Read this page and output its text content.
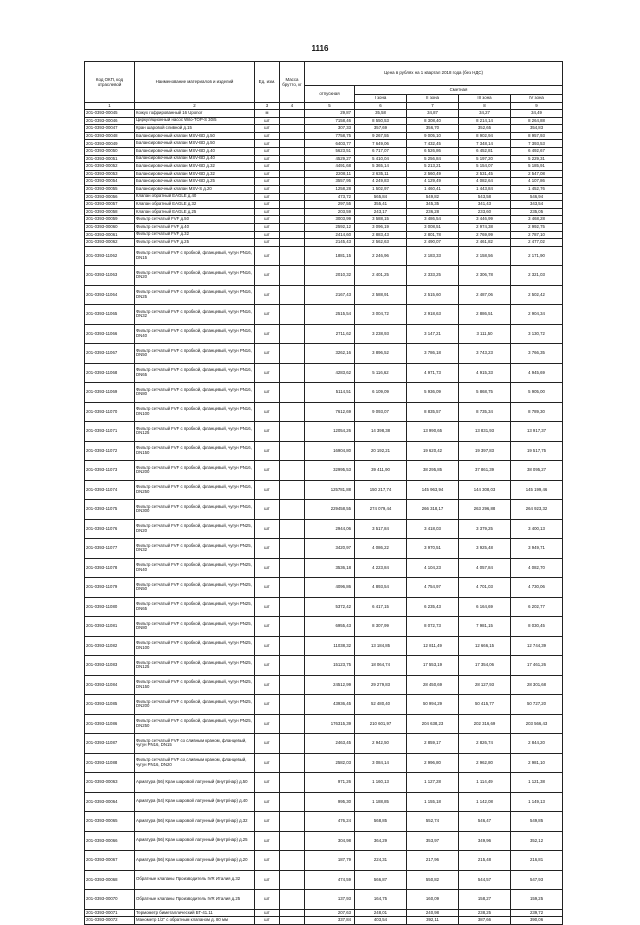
1116
Код ОКП, код отраслевой	Наименование материалов и изделий	Ед. изм.	Масса брутто, кг	Цена в рублях на 1 квартал 2018 года (без НДС)				
				отпускная	Сметная			
					I зона	II зона	III зона	IV зона
1	2	3	4	5	6	7	8	9
201-0393-00045	Кожух гофрированный 16 Uponor	м		29,87	35,58	34,87	34,27	34,49
201-0393-00046	Циркуляционный насос Wilo-TOP-S 30/5	шт		7158,46	8 550,53	8 308,40	8 214,14	8 264,88
201-0393-00047	Кран шаровой сливной д.15	шт		307,33	357,69	356,70	352,65	354,83
201-0393-00048	Балансировочный клапан MSV-BD д.50	шт		7758,75	9 267,55	9 005,10	8 902,94	8 957,93
201-0393-00049	Балансировочный клапан MSV-BD д.50	шт		6403,77	7 649,06	7 432,45	7 348,14	7 393,53
201-0393-00050	Балансировочный клапан MSV-BD д.40	шт		5623,51	6 717,07	6 526,86	6 452,81	6 492,67
201-0393-00051	Балансировочный клапан MSV-BD д.40	шт		4529,27	5 410,04	5 256,84	5 197,20	5 229,31
201-0393-00052	Балансировочный клапан MSV-BD д.32	шт		4491,68	5 365,14	5 213,21	5 154,07	5 185,91
201-0393-00053	Балансировочный клапан MSV-BD д.32	шт		2208,11	2 635,11	2 560,49	2 531,45	2 547,08
201-0393-00054	Балансировочный клапан MSV-BD д.25	шт		3557,95	4 249,83	4 129,49	4 082,64	4 107,86
201-0393-00055	Балансировочный клапан MSV-S д.20	шт		1258,28	1 502,97	1 460,41	1 443,84	1 452,76
201-0393-00056	Клапан обратный EAGLE д.40	шт		473,72	565,84	549,82	543,58	546,94
201-0393-00057	Клапан обратный EAGLE д.32	шт		297,55	355,41	345,35	341,43	343,54
201-0393-00058	Клапан обратный EAGLE д.25	шт		203,59	243,17	236,28	233,60	235,05
201-0393-00059	Фильтр сетчатый FVF д.50	шт		3003,99	3 588,15	3 486,54	3 446,99	3 468,28
201-0393-00060	Фильтр сетчатый FVF д.40	шт		2592,12	3 096,19	3 008,51	2 974,38	2 992,75
201-0393-00061	Фильтр сетчатый FVF д.32	шт		2414,60	2 883,43	2 801,78	2 769,99	2 787,10
201-0393-00062	Фильтр сетчатый FVF д.25	шт		2145,43	2 562,63	2 490,07	2 461,82	2 477,02
201-0393-11062	Фильтр сетчатый FVF с пробкой, фланцевый, чугун PN16, DN15	шт		1881,15	2 246,96	2 183,33	2 158,56	2 171,90
201-0393-11063	Фильтр сетчатый FVF с пробкой, фланцевый, чугун PN16, DN20	шт		2010,32	2 401,25	2 333,25	2 306,78	2 321,03
201-0393-11064	Фильтр сетчатый FVF с пробкой, фланцевый, чугун PN16, DN25	шт		2167,43	2 588,91	2 515,60	2 487,06	2 502,42
201-0393-11065	Фильтр сетчатый FVF с пробкой, фланцевый, чугун PN16, DN32	шт		2515,54	3 004,72	2 918,63	2 886,51	2 904,34
201-0393-11066	Фильтр сетчатый FVF с пробкой, фланцевый, чугун PN16, DN40	шт		2711,62	3 238,93	3 147,21	3 111,50	3 130,72
201-0393-11067	Фильтр сетчатый FVF с пробкой, фланцевый, чугун PN16, DN50	шт		3262,16	3 896,52	3 786,18	3 743,23	3 766,35
201-0393-11068	Фильтр сетчатый FVF с пробкой, фланцевый, чугун PN16, DN65	шт		4283,62	5 116,62	4 971,73	4 915,33	4 945,69
201-0393-11069	Фильтр сетчатый FVF с пробкой, фланцевый, чугун PN16, DN80	шт		5114,51	6 109,09	5 936,09	5 868,75	5 905,00
201-0393-11070	Фильтр сетчатый FVF с пробкой, фланцевый, чугун PN16, DN100	шт		7612,69	9 093,07	8 835,57	8 735,34	8 789,30
201-0393-11071	Фильтр сетчатый FVF с пробкой, фланцевый, чугун PN16, DN125	шт		12054,26	14 398,38	13 990,65	13 831,93	13 917,37
201-0393-11072	Фильтр сетчатый FVF с пробкой, фланцевый, чугун PN16, DN150	шт		16904,80	20 192,21	19 620,42	19 397,83	19 517,75
201-0393-11073	Фильтр сетчатый FVF с пробкой, фланцевый, чугун PN16, DN200	шт		32995,53	39 411,90	38 295,85	37 861,39	38 095,27
201-0393-11074	Фильтр сетчатый FVF с пробкой, фланцевый, чугун PN16, DN250	шт		125781,88	150 217,74	145 963,94	144 308,03	145 199,46
201-0393-11075	Фильтр сетчатый FVF с пробкой, фланцевый, чугун PN16, DN300	шт		229458,55	274 079,44	266 318,17	263 296,88	264 923,32
201-0393-11076	Фильтр сетчатый FVF с пробкой, фланцевый, чугун PN25, DN20	шт		2944,06	3 517,84	3 418,03	3 379,25	3 400,13
201-0393-11077	Фильтр сетчатый FVF с пробкой, фланцевый, чугун PN25, DN32	шт		3420,97	4 086,22	3 970,51	3 925,48	3 949,71
201-0393-11078	Фильтр сетчатый FVF с пробкой, фланцевый, чугун PN25, DN40	шт		3536,18	4 223,84	4 104,23	4 057,84	4 082,70
201-0393-11079	Фильтр сетчатый FVF с пробкой, фланцевый, чугун PN25, DN50	шт		4096,86	4 893,54	4 754,97	4 701,03	4 730,06
201-0393-11080	Фильтр сетчатый FVF с пробкой, фланцевый, чугун PN25, DN65	шт		5372,42	6 417,15	6 235,43	6 164,69	6 202,77
201-0393-11081	Фильтр сетчатый FVF с пробкой, фланцевый, чугун PN25, DN80	шт		6955,43	8 307,99	8 072,73	7 981,15	8 030,45
201-0393-11082	Фильтр сетчатый FVF с пробкой, фланцевый, чугун PN25, DN100	шт		11038,32	13 184,85	12 811,49	12 666,15	12 744,39
201-0393-11083	Фильтр сетчатый FVF с пробкой, фланцевый, чугун PN25, DN125	шт		15123,75	18 064,74	17 553,19	17 354,06	17 461,26
201-0393-11084	Фильтр сетчатый FVF с пробкой, фланцевый, чугун PN25, DN150	шт		24512,99	29 279,83	28 450,69	28 127,93	28 301,68
201-0393-11085	Фильтр сетчатый FVF с пробкой, фланцевый, чугун PN25, DN200	шт		43936,45	52 480,40	50 994,29	50 415,77	50 727,20
201-0393-11086	Фильтр сетчатый FVF с пробкой, фланцевый, чугун PN25, DN250	шт		176315,39	210 601,97	204 638,23	202 316,69	203 566,43
201-0393-11087	Фильтр сетчатый FVF со сливным краном, фланцевый, чугун PN16, DN15	шт		2463,45	2 942,50	2 859,17	2 826,74	2 844,20
201-0393-11088	Фильтр сетчатый FVF со сливным краном, фланцевый, чугун PN16, DN20	шт		2582,03	3 084,14	2 996,80	2 962,80	2 981,10
201-0393-00063	Арматура (56) Кран шаровой латунный (внутр/нар) д.50	шт		971,26	1 160,13	1 127,28	1 114,49	1 121,38
201-0393-00064	Арматура (54) Кран шаровой латунный (внутр/нар) д.40	шт		995,30	1 188,85	1 155,18	1 142,08	1 149,13
201-0393-00065	Арматура (56) Кран шаровой латунный (внутр/нар) д.32	шт		476,24	568,85	552,74	546,47	549,85
201-0393-00066	Арматура (56) Кран шаровой латунный (внутр/нар) д.25	шт		304,98	364,29	353,97	349,96	352,12
201-0393-00067	Арматура (56) Кран шаровой латунный (внутр/нар) д.20	шт		187,79	224,31	217,96	215,48	216,81
201-0393-00068	Обратные клапаны Производитель IVR Италия д.32	шт		474,59	566,87	550,82	544,57	547,93
201-0393-00070	Обратные клапаны Производитель IVR Италия д.25	шт		137,93	164,75	160,09	158,27	159,25
201-0393-00071	Термометр биметаллический БТ-41.11	шт		207,63	248,01	240,98	238,25	239,72
201-0393-00072	Манометр 1/2" с обратным клапаном д. 80 мм	шт		337,84	403,54	392,11	387,66	390,06
